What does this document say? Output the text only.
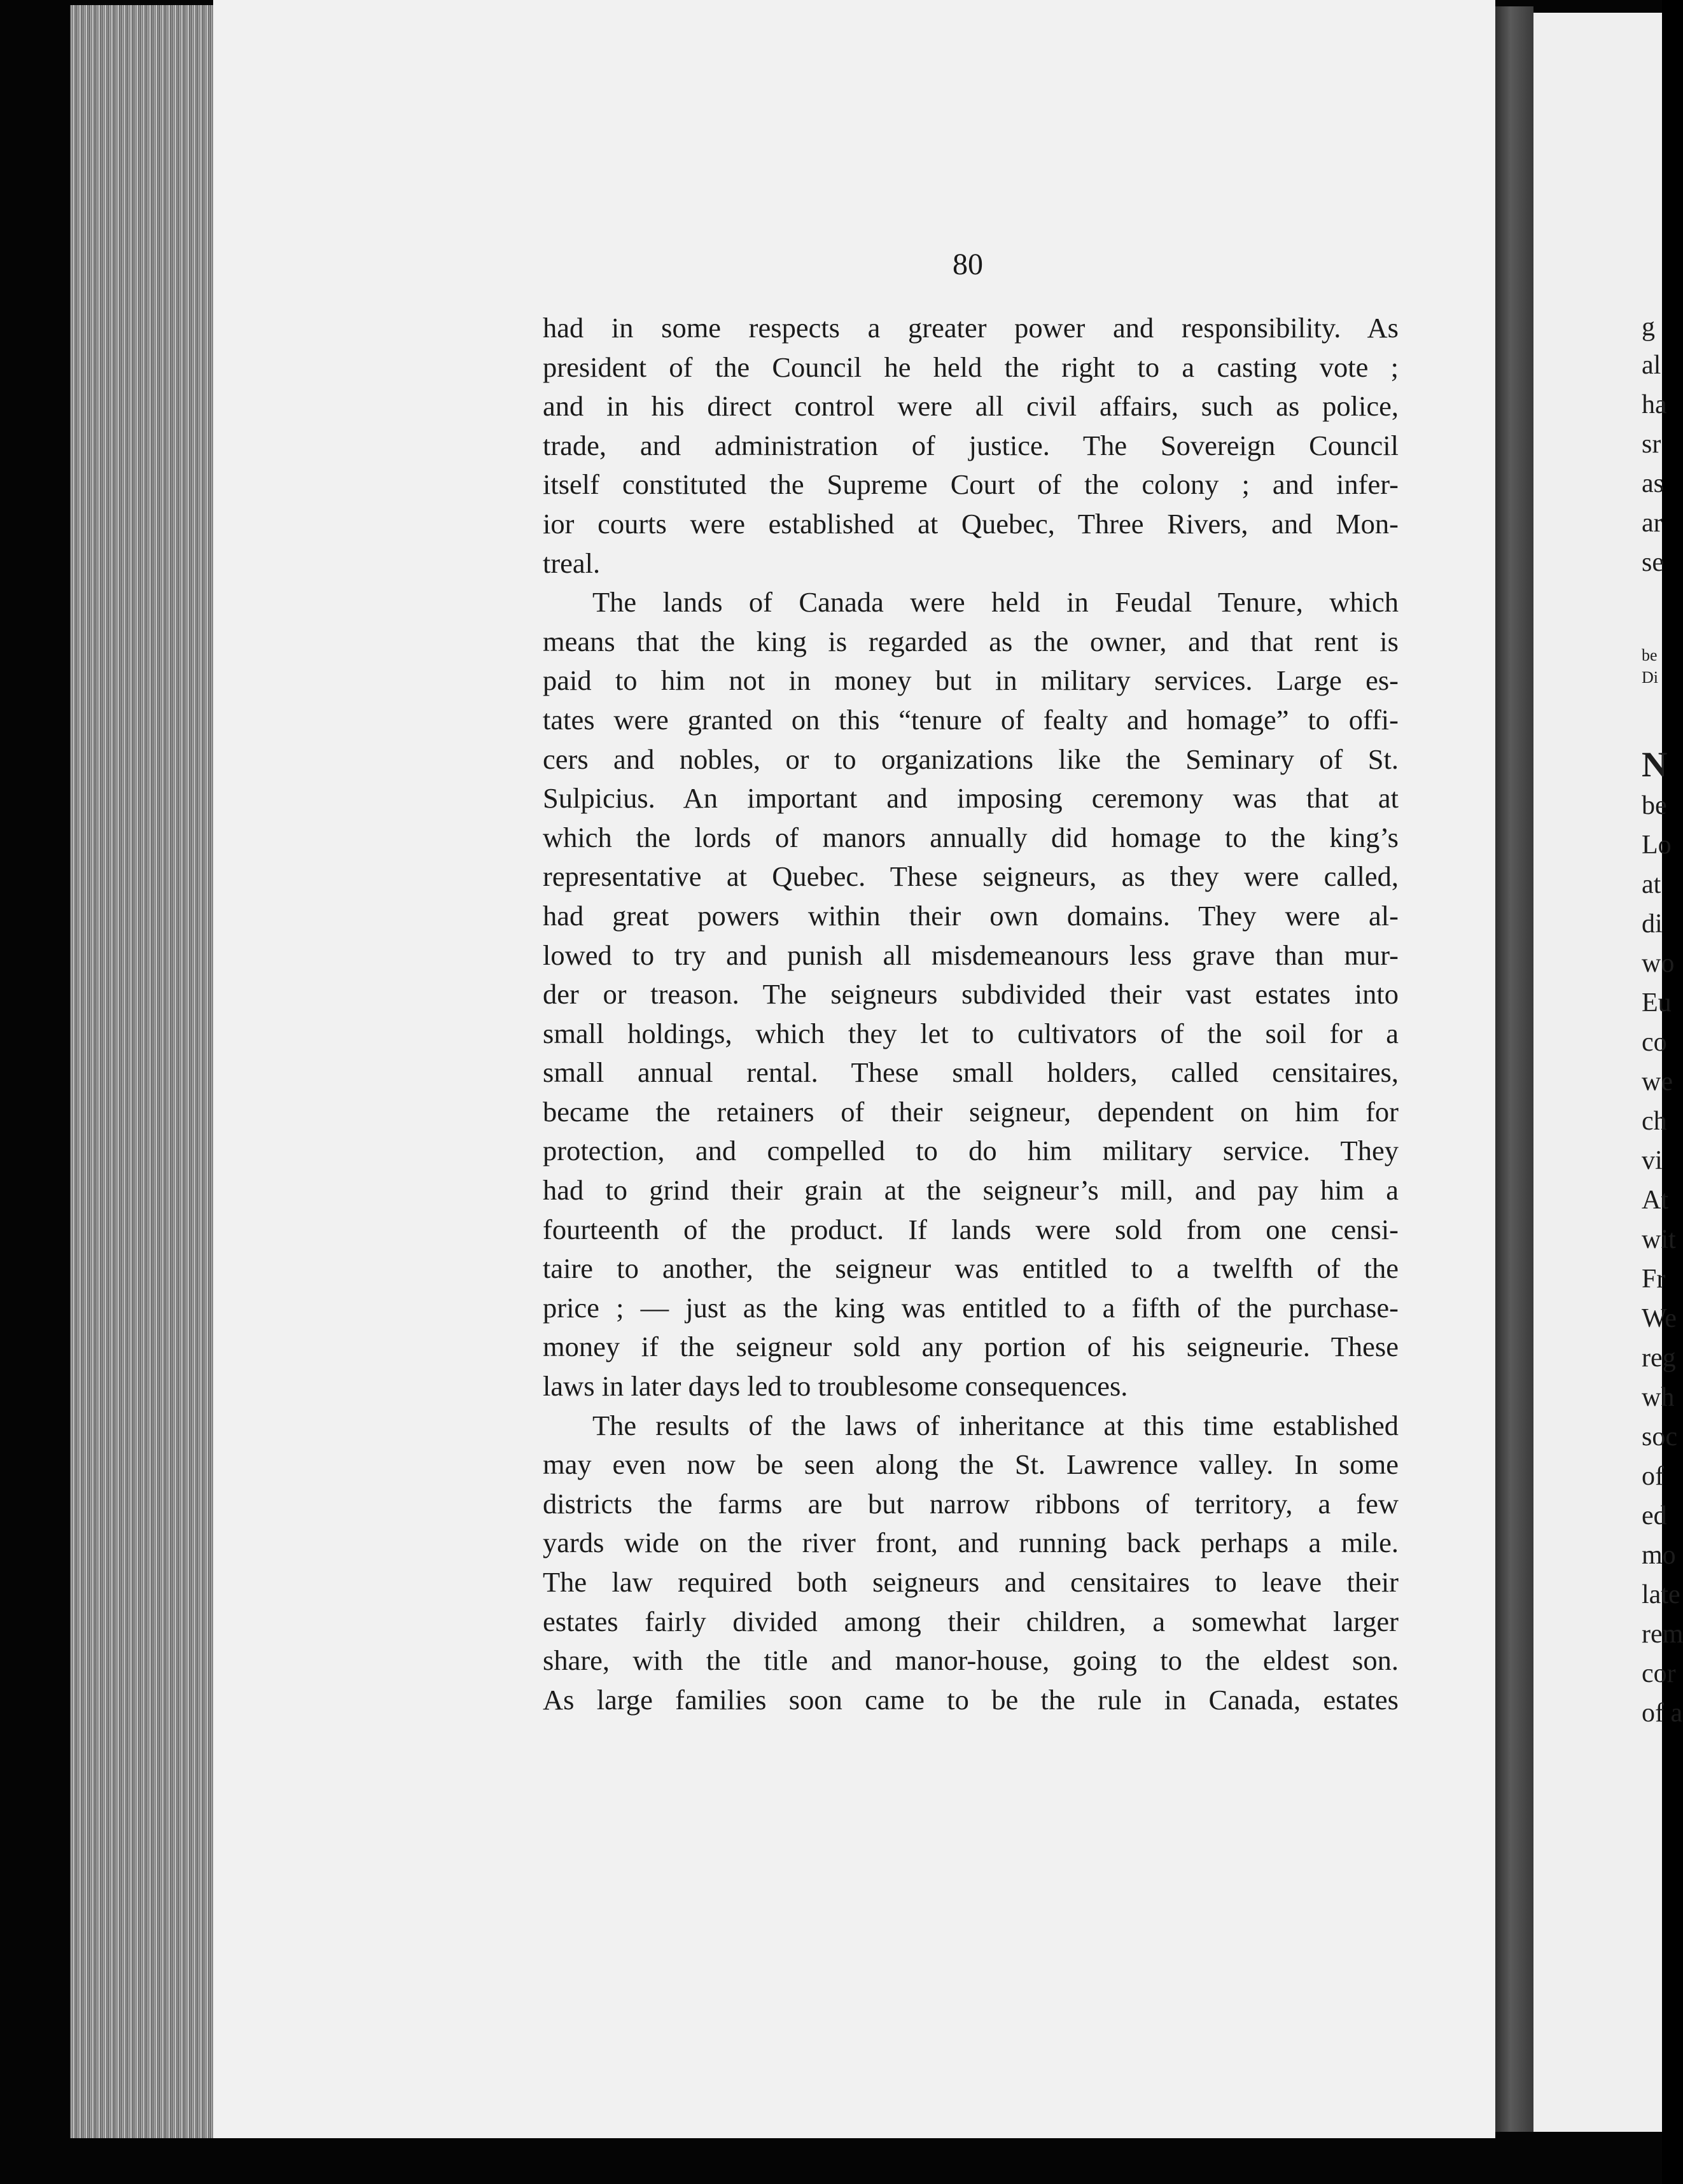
g
al
ha
sr
as
ar
se
be
Di
N
be
Lo
at
di
wo
Eu
co
we
ch
vi
At
wit
Fr
We
reg
wh
soc
of
ed
mo
late
rem
cor
of a
80
had in some respects a greater power and responsibility. As
president of the Council he held the right to a casting vote ;
and in his direct control were all civil affairs, such as police,
trade, and administration of justice. The Sovereign Council
itself constituted the Supreme Court of the colony ; and infer-
ior courts were established at Quebec, Three Rivers, and Mon-
treal.
The lands of Canada were held in Feudal Tenure, which
means that the king is regarded as the owner, and that rent is
paid to him not in money but in military services. Large es-
tates were granted on this “tenure of fealty and homage” to offi-
cers and nobles, or to organizations like the Seminary of St.
Sulpicius. An important and imposing ceremony was that at
which the lords of manors annually did homage to the king’s
representative at Quebec. These seigneurs, as they were called,
had great powers within their own domains. They were al-
lowed to try and punish all misdemeanours less grave than mur-
der or treason. The seigneurs subdivided their vast estates into
small holdings, which they let to cultivators of the soil for a
small annual rental. These small holders, called censitaires,
became the retainers of their seigneur, dependent on him for
protection, and compelled to do him military service. They
had to grind their grain at the seigneur’s mill, and pay him a
fourteenth of the product. If lands were sold from one censi-
taire to another, the seigneur was entitled to a twelfth of the
price ; — just as the king was entitled to a fifth of the purchase-
money if the seigneur sold any portion of his seigneurie. These
laws in later days led to troublesome consequences.
The results of the laws of inheritance at this time established
may even now be seen along the St. Lawrence valley. In some
districts the farms are but narrow ribbons of territory, a few
yards wide on the river front, and running back perhaps a mile.
The law required both seigneurs and censitaires to leave their
estates fairly divided among their children, a somewhat larger
share, with the title and manor-house, going to the eldest son.
As large families soon came to be the rule in Canada, estates
